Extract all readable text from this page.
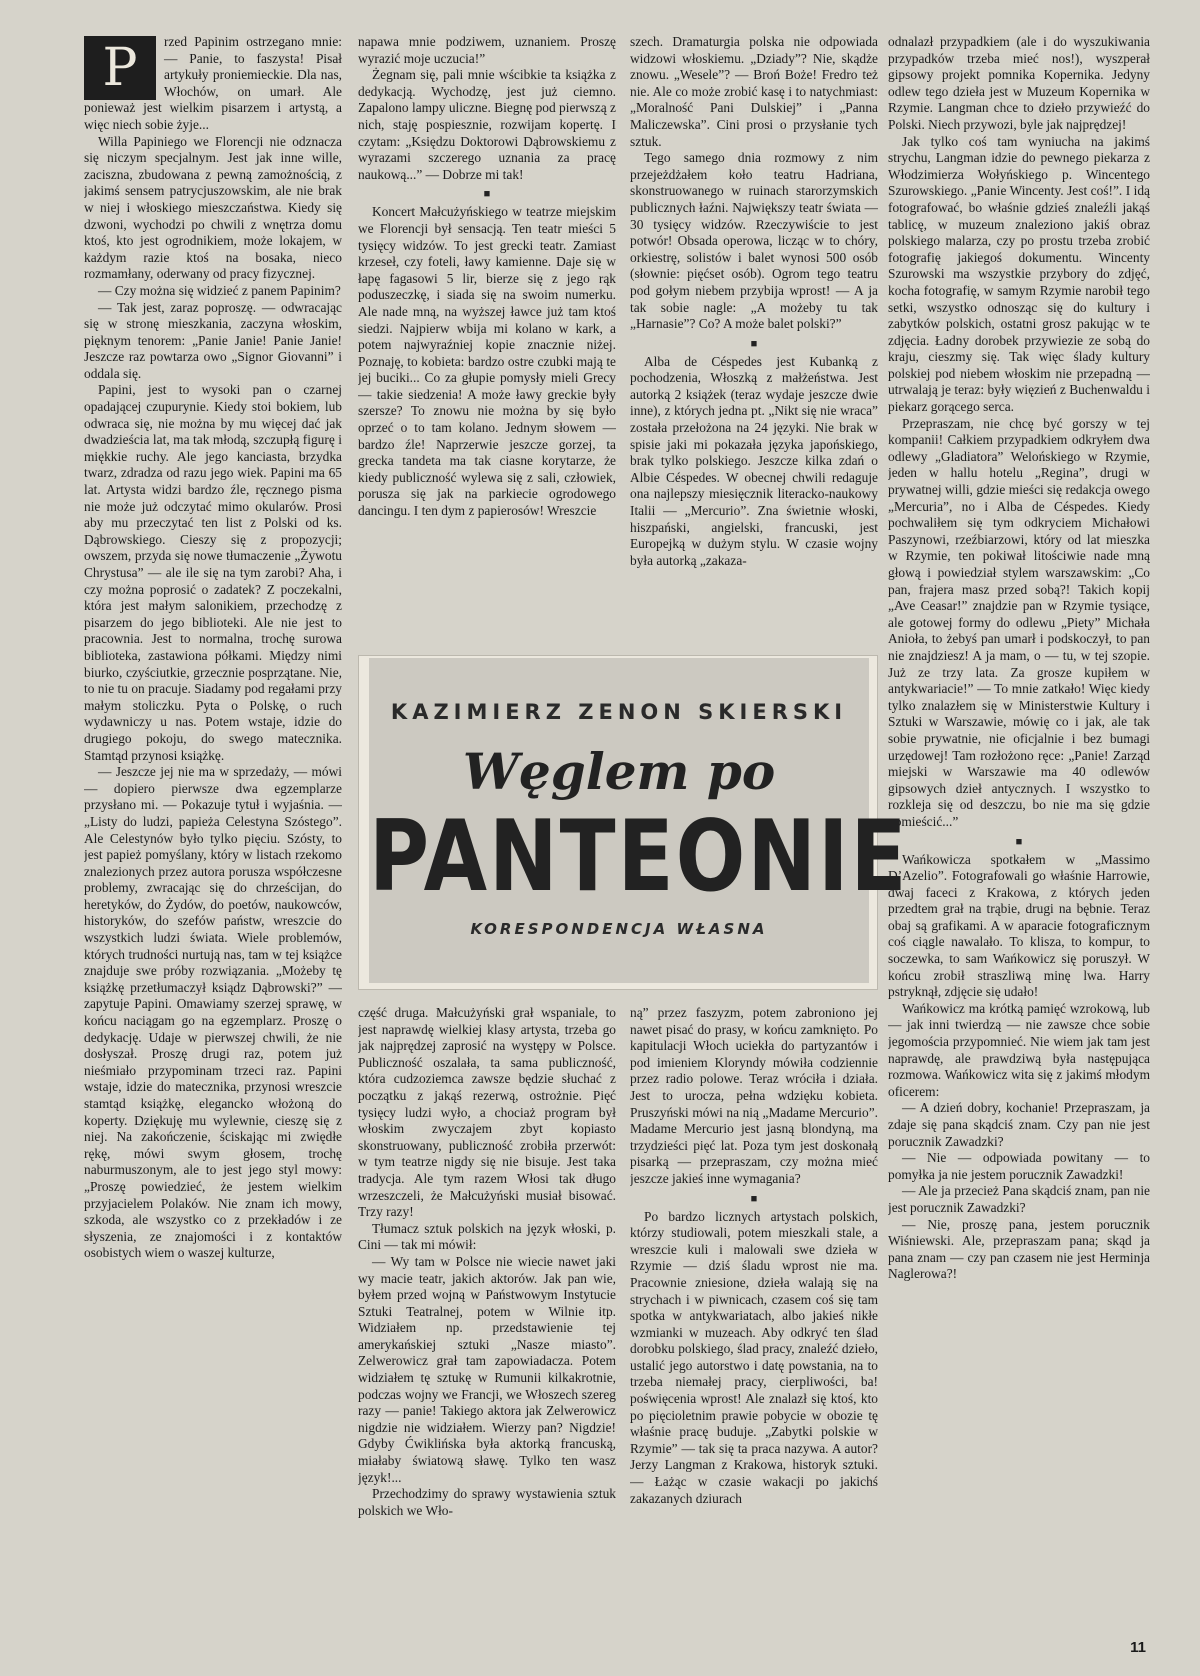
P	rzed Papinim ostrzegano mnie: — Panie, to faszysta! Pisał artykuły proniemieckie. Dla nas, Włochów, on umarł. Ale ponieważ jest wielkim pisarzem i artystą, a więc niech sobie żyje...

Willa Papiniego we Florencji nie odznacza się niczym specjalnym. Jest jak inne wille, zaciszna, zbudowana z pewną zamożnością, z jakimś sensem patrycjuszowskim, ale nie brak w niej i włoskiego mieszczaństwa. Kiedy się dzwoni, wychodzi po chwili z wnętrza domu ktoś, kto jest ogrodnikiem, może lokajem, w każdym razie ktoś na bosaka, nieco rozmamłany, oderwany od pracy fizycznej.

— Czy można się widzieć z panem Papinim?

— Tak jest, zaraz poproszę. — odwracając się w stronę mieszkania, zaczyna włoskim, pięknym tenorem: „Panie Janie! Panie Janie! Jeszcze raz powtarza owo „Signor Giovanni” i oddala się.

Papini, jest to wysoki pan o czarnej opadającej czupurynie. Kiedy stoi bokiem, lub odwraca się, nie można by mu więcej dać jak dwadzieścia lat, ma tak młodą, szczupłą figurę i miękkie ruchy. Ale jego kanciasta, brzydka twarz, zdradza od razu jego wiek. Papini ma 65 lat. Artysta widzi bardzo źle, ręcznego pisma nie może już odczytać mimo okularów. Prosi aby mu przeczytać ten list z Polski od ks. Dąbrowskiego. Cieszy się z propozycji; owszem, przyda się nowe tłumaczenie „Żywotu Chrystusa” — ale ile się na tym zarobi? Aha, i czy można poprosić o zadatek? Z poczekalni, która jest małym salonikiem, przechodzę z pisarzem do jego biblioteki. Ale nie jest to pracownia. Jest to normalna, trochę surowa biblioteka, zastawiona półkami. Między nimi biurko, czyściutkie, grzecznie posprzątane. Nie, to nie tu on pracuje. Siadamy pod regałami przy małym stoliczku. Pyta o Polskę, o ruch wydawniczy u nas. Potem wstaje, idzie do drugiego pokoju, do swego matecznika. Stamtąd przynosi książkę.

— Jeszcze jej nie ma w sprzedaży, — mówi — dopiero pierwsze dwa egzemplarze przysłano mi. — Pokazuje tytuł i wyjaśnia. — „Listy do ludzi, papieża Celestyna Szóstego”. Ale Celestynów było tylko pięciu. Szósty, to jest papież pomyślany, który w listach rzekomo znalezionych przez autora porusza współczesne problemy, zwracając się do chrześcijan, do heretyków, do Żydów, do poetów, naukowców, historyków, do szefów państw, wreszcie do wszystkich ludzi świata. Wiele problemów, których trudności nurtują nas, tam w tej książce znajduje swe próby rozwiązania. „Możeby tę książkę przetłumaczył ksiądz Dąbrowski?” — zapytuje Papini. Omawiamy szerzej sprawę, w końcu naciągam go na egzemplarz. Proszę o dedykację. Udaje w pierwszej chwili, że nie dosłyszał. Proszę drugi raz, potem już nieśmiało przypominam trzeci raz. Papini wstaje, idzie do matecznika, przynosi wreszcie stamtąd książkę, elegancko włożoną do koperty. Dziękuję mu wylewnie, cieszę się z niej. Na zakończenie, ściskając mi zwiędłe rękę, mówi swym głosem, trochę naburmuszonym, ale to jest jego styl mowy: „Proszę powiedzieć, że jestem wielkim przyjacielem Polaków. Nie znam ich mowy, szkoda, ale wszystko co z przekładów i ze słyszenia, ze znajomości i z kontaktów osobistych wiem o waszej kulturze,

napawa mnie podziwem, uznaniem. Proszę wyrazić moje uczucia!”

Żegnam się, pali mnie wścibkie ta książka z dedykacją. Wychodzę, jest już ciemno. Zapalono lampy uliczne. Biegnę pod pierwszą z nich, staję pospiesznie, rozwijam kopertę. I czytam: „Księdzu Doktorowi Dąbrowskiemu z wyrazami szczerego uznania za pracę naukową...” — Dobrze mi tak!

■

Koncert Małcużyńskiego w teatrze miejskim we Florencji był sensacją. Ten teatr mieści 5 tysięcy widzów. To jest grecki teatr. Zamiast krzeseł, czy foteli, ławy kamienne. Daje się w łapę fagasowi 5 lir, bierze się z jego rąk poduszeczkę, i siada się na swoim numerku. Ale nade mną, na wyższej ławce już tam ktoś siedzi. Najpierw wbija mi kolano w kark, a potem najwyraźniej kopie znacznie niżej. Poznaję, to kobieta: bardzo ostre czubki mają te jej buciki... Co za głupie pomysły mieli Grecy — takie siedzenia! A może ławy greckie były szersze? To znowu nie można by się było oprzeć o to tam kolano. Jednym słowem — bardzo źle! Naprzerwie jeszcze gorzej, ta grecka tandeta ma tak ciasne korytarze, że kiedy publiczność wylewa się z sali, człowiek, porusza się jak na parkiecie ogrodowego dancingu. I ten dym z papierosów! Wreszcie

szech. Dramaturgia polska nie odpowiada widzowi włoskiemu. „Dziady”? Nie, skądże znowu. „Wesele”? — Broń Boże! Fredro też nie. Ale co może zrobić kasę i to natychmiast: „Moralność Pani Dulskiej” i „Panna Maliczewska”. Cini prosi o przysłanie tych sztuk.

Tego samego dnia rozmowy z nim przejeżdżałem koło teatru Hadriana, skonstruowanego w ruinach starorzymskich publicznych łaźni. Największy teatr świata — 30 tysięcy widzów. Rzeczywiście to jest potwór! Obsada operowa, licząc w to chóry, orkiestrę, solistów i balet wynosi 500 osób (słownie: pięćset osób). Ogrom tego teatru pod gołym niebem przybija wprost! — A ja tak sobie nagle: „A możeby tu tak „Harnasie”? Co? A może balet polski?”

■

Alba de Céspedes jest Kubanką z pochodzenia, Włoszką z małżeństwa. Jest autorką 2 książek (teraz wydaje jeszcze dwie inne), z których jedna pt. „Nikt się nie wraca” została przełożona na 24 języki. Nie brak w spisie jaki mi pokazała języka japońskiego, brak tylko polskiego. Jeszcze kilka zdań o Albie Céspedes. W obecnej chwili redaguje ona najlepszy miesięcznik literacko-naukowy Italii — „Mercurio”. Zna świetnie włoski, hiszpański, angielski, francuski, jest Europejką w dużym stylu. W czasie wojny była autorką „zakaza-

odnalazł przypadkiem (ale i do wyszukiwania przypadków trzeba mieć nos!), wyszperał gipsowy projekt pomnika Kopernika. Jedyny odlew tego dzieła jest w Muzeum Kopernika w Rzymie. Langman chce to dzieło przywieźć do Polski. Niech przywozi, byle jak najprędzej!

Jak tylko coś tam wyniucha na jakimś strychu, Langman idzie do pewnego piekarza z Włodzimierza Wołyńskiego p. Wincentego Szurowskiego. „Panie Wincenty. Jest coś!”. I idą fotografować, bo właśnie gdzieś znaleźli jakąś tablicę, w muzeum znaleziono jakiś obraz polskiego malarza, czy po prostu trzeba zrobić fotografię jakiegoś dokumentu. Wincenty Szurowski ma wszystkie przybory do zdjęć, kocha fotografię, w samym Rzymie narobił tego setki, wszystko odnosząc się do kultury i zabytków polskich, ostatni grosz pakując w te zdjęcia. Ładny dorobek przywiezie ze sobą do kraju, cieszmy się. Tak więc ślady kultury polskiej pod niebem włoskim nie przepadną — utrwalają je teraz: były więzień z Buchenwaldu i piekarz gorącego serca.

Przepraszam, nie chcę być gorszy w tej kompanii! Całkiem przypadkiem odkryłem dwa odlewy „Gladiatora” Welońskiego w Rzymie, jeden w hallu hotelu „Regina”, drugi w prywatnej willi, gdzie mieści się redakcja owego „Mercuria”, no i Alba de Céspedes. Kiedy pochwaliłem się tym odkryciem Michałowi Paszynowi, rzeźbiarzowi, który od lat mieszka w Rzymie, ten pokiwał litościwie nade mną głową i powiedział stylem warszawskim: „Co pan, frajera masz przed sobą?! Takich kopij „Ave Ceasar!” znajdzie pan w Rzymie tysiące, ale gotowej formy do odlewu „Piety” Michała Anioła, to żebyś pan umarł i podskoczył, to pan nie znajdziesz! A ja mam, o — tu, w tej szopie. Już ze trzy lata. Za grosze kupiłem w antykwariacie!” — To mnie zatkało! Więc kiedy tylko znalazłem się w Ministerstwie Kultury i Sztuki w Warszawie, mówię co i jak, ale tak sobie prywatnie, nie oficjalnie i bez bumagi urzędowej! Tam rozłożono ręce: „Panie! Zarząd miejski w Warszawie ma 40 odlewów gipsowych dzieł antycznych. I wszystko to rozkleja się od deszczu, bo nie ma się gdzie pomieścić...”

■

Wańkowicza spotkałem w „Massimo D’Azelio”. Fotografowali go właśnie Harrowie, dwaj faceci z Krakowa, z których jeden przedtem grał na trąbie, drugi na bębnie. Teraz obaj są grafikami. A w aparacie fotograficznym coś ciągle nawalało. To klisza, to kompur, to soczewka, to sam Wańkowicz się poruszył. W końcu zrobił straszliwą minę lwa. Harry pstryknął, zdjęcie się udało!

Wańkowicz ma krótką pamięć wzrokową, lub — jak inni twierdzą — nie zawsze chce sobie jegomościa przypomnieć. Nie wiem jak tam jest naprawdę, ale prawdziwą była następująca rozmowa. Wańkowicz wita się z jakimś młodym oficerem:

— A dzień dobry, kochanie! Przepraszam, ja zdaje się pana skądciś znam. Czy pan nie jest porucznik Zawadzki?

— Nie — odpowiada powitany — to pomyłka ja nie jestem porucznik Zawadzki!

— Ale ja przecież Pana skądciś znam, pan nie jest porucznik Zawadzki?

— Nie, proszę pana, jestem porucznik Wiśniewski. Ale, przepraszam pana; skąd ja pana znam — czy pan czasem nie jest Herminja Naglerowa?!

KAZIMIERZ ZENON SKIERSKI
Węglem po
PANTEONIE
KORESPONDENCJA WŁASNA

część druga. Małcużyński grał wspaniale, to jest naprawdę wielkiej klasy artysta, trzeba go jak najprędzej zaprosić na występy w Polsce. Publiczność oszalała, ta sama publiczność, która cudzoziemca zawsze będzie słuchać z początku z jakąś rezerwą, ostrożnie. Pięć tysięcy ludzi wyło, a chociaż program był włoskim zwyczajem zbyt kopiasto skonstruowany, publiczność zrobiła przerwót: w tym teatrze nigdy się nie bisuje. Jest taka tradycja. Ale tym razem Włosi tak długo wrzeszczeli, że Małcużyński musiał bisować. Trzy razy!

Tłumacz sztuk polskich na język włoski, p. Cini — tak mi mówił:

— Wy tam w Polsce nie wiecie nawet jaki wy macie teatr, jakich aktorów. Jak pan wie, byłem przed wojną w Państwowym Instytucie Sztuki Teatralnej, potem w Wilnie itp. Widziałem np. przedstawienie tej amerykańskiej sztuki „Nasze miasto”. Zelwerowicz grał tam zapowiadacza. Potem widziałem tę sztukę w Rumunii kilkakrotnie, podczas wojny we Francji, we Włoszech szereg razy — panie! Takiego aktora jak Zelwerowicz nigdzie nie widziałem. Wierzy pan? Nigdzie! Gdyby Ćwiklińska była aktorką francuską, miałaby światową sławę. Tylko ten wasz język!...

Przechodzimy do sprawy wystawienia sztuk polskich we Wło-

ną” przez faszyzm, potem zabroniono jej nawet pisać do prasy, w końcu zamknięto. Po kapitulacji Włoch uciekła do partyzantów i pod imieniem Kloryndy mówiła codziennie przez radio polowe. Teraz wróciła i działa. Jest to urocza, pełna wdzięku kobieta. Pruszyński mówi na nią „Madame Mercurio”. Madame Mercurio jest jasną blondyną, ma trzydzieści pięć lat. Poza tym jest doskonałą pisarką — przepraszam, czy można mieć jeszcze jakieś inne wymagania?

■

Po bardzo licznych artystach polskich, którzy studiowali, potem mieszkali stale, a wreszcie kuli i malowali swe dzieła w Rzymie — dziś śladu wprost nie ma. Pracownie zniesione, dzieła walają się na strychach i w piwnicach, czasem coś się tam spotka w antykwariatach, albo jakieś nikłe wzmianki w muzeach. Aby odkryć ten ślad dorobku polskiego, ślad pracy, znaleźć dzieło, ustalić jego autorstwo i datę powstania, na to trzeba niemałej pracy, cierpliwości, ba! poświęcenia wprost! Ale znalazł się ktoś, kto po pięcioletnim prawie pobycie w obozie tę właśnie pracę buduje. „Zabytki polskie w Rzymie” — tak się ta praca nazywa. A autor? Jerzy Langman z Krakowa, historyk sztuki. — Łażąc w czasie wakacji po jakichś zakazanych dziurach

11
